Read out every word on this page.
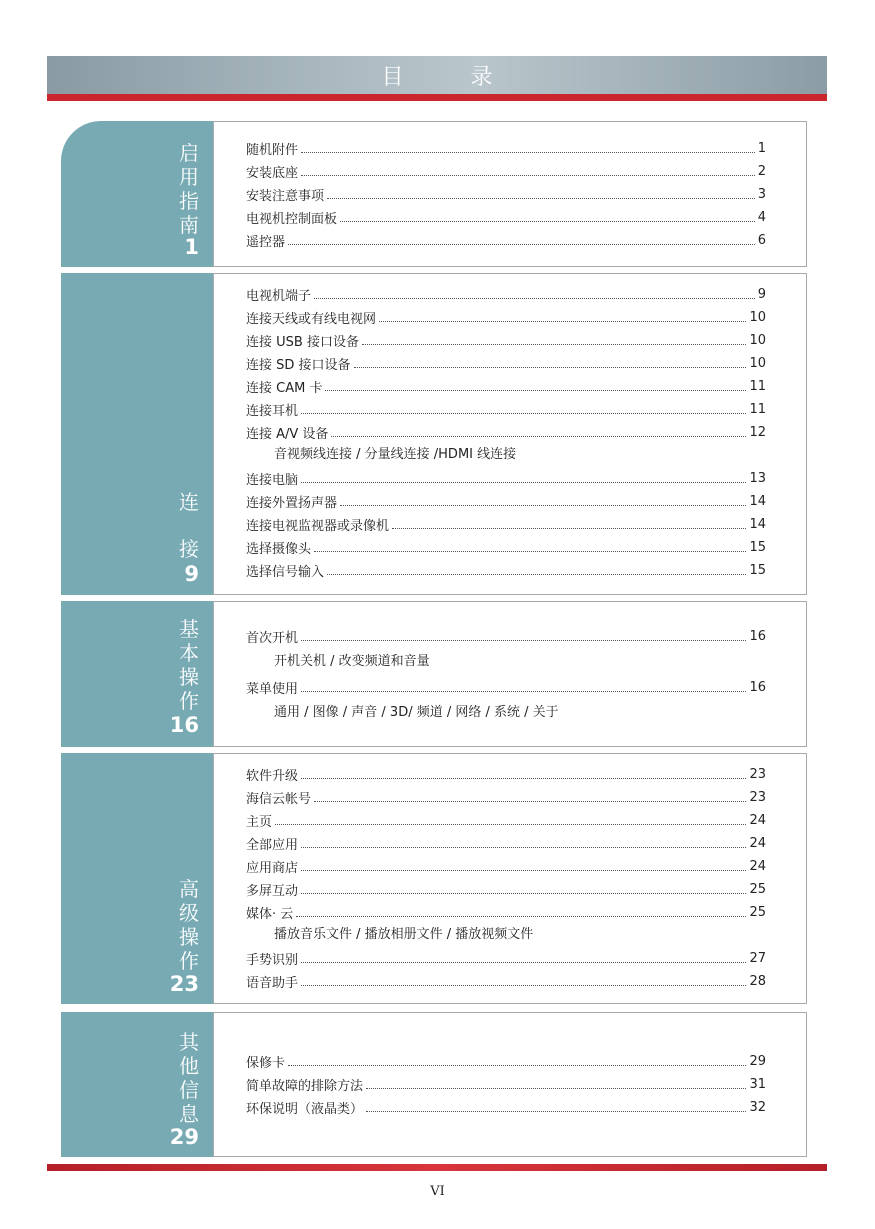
目 录
启
用
指
南
1
连
接
9
基
本
操
作
16
高
级
操
作
23
其
他
信
息
29
VI
随机附件	1
安装底座	2
安装注意事项	3
电视机控制面板	4
遥控器	6
电视机端子	9
连接天线或有线电视网	10
连接 USB 接口设备	10
连接 SD 接口设备	10
连接 CAM 卡	11
连接耳机	11
连接 A/V 设备	12
音视频线连接 / 分量线连接 /HDMI 线连接
连接电脑	13
连接外置扬声器	14
连接电视监视器或录像机	14
选择摄像头	15
选择信号输入	15
首次开机	16
开机关机 / 改变频道和音量
菜单使用	16
通用 / 图像 / 声音 / 3D/ 频道 / 网络 / 系统 / 关于
软件升级	23
海信云帐号	23
主页	24
全部应用	24
应用商店	24
多屏互动	25
媒体· 云	25
播放音乐文件 / 播放相册文件 / 播放视频文件
手势识别	27
语音助手	28
保修卡	29
简单故障的排除方法	31
环保说明（液晶类）	32
